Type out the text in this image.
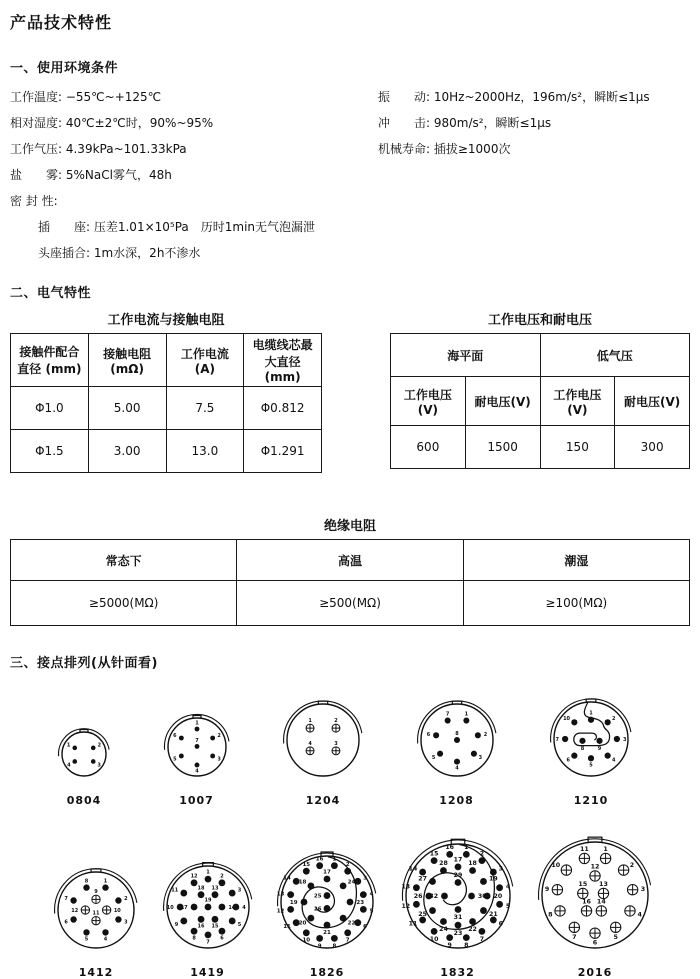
产品技术特性
一、使用环境条件
工作温度: −55℃~+125℃
相对湿度: 40℃±2℃时，90%~95%
工作气压: 4.39kPa~101.33kPa
盐　　雾: 5%NaCl雾气，48h
密 封 性:
插　　座: 压差1.01×10⁵Pa　历时1min无气泡漏泄
头座插合: 1m水深，2h不渗水
振　　动: 10Hz~2000Hz，196m/s²，瞬断≤1μs
冲　　击: 980m/s²，瞬断≤1μs
机械寿命: 插拔≥1000次
二、电气特性
工作电流与接触电阻
接触件配合直径 (mm)	接触电阻 (mΩ)	工作电流 (A)	电缆线芯最大直径 (mm)
Φ1.0	5.00	7.5	Φ0.812
Φ1.5	3.00	13.0	Φ1.291
工作电压和耐电压
海平面		低气压	
工作电压(V)	耐电压(V)	工作电压(V)	耐电压(V)
600	1500	150	300
绝缘电阻
常态下	高温	潮湿
≥5000(MΩ)	≥500(MΩ)	≥100(MΩ)
三、接点排列(从针面看)
1	2
3
4
0804
1
2
3
4
5
6
7
1007
1	2
3
4
1204
1
2
3
4
5
6
7
8
1208
1
2
3
4
5
6
7
8	9
10
1210
1
2
3
4
5
6
7
8
9
10
11
12
1412
1
2
3
4
5
6
7
8
9
10
11
12
13
14
15
16
17
18
19
1419
1
2
3
4
5
6
7
8
9
10
11
12
13
14
15
16
17
18
19
20
21
22
23
24
25
26
1826
1
2
3
4
5
6
7
8
9
10
11
12
13
14
15
16
17
18
19
20
21
22
23
24
25
26
27
28
29
30
31
32
1832
1
2
3
4
5
6
7
8
9
10
11
12
13
14
15
16
2016
